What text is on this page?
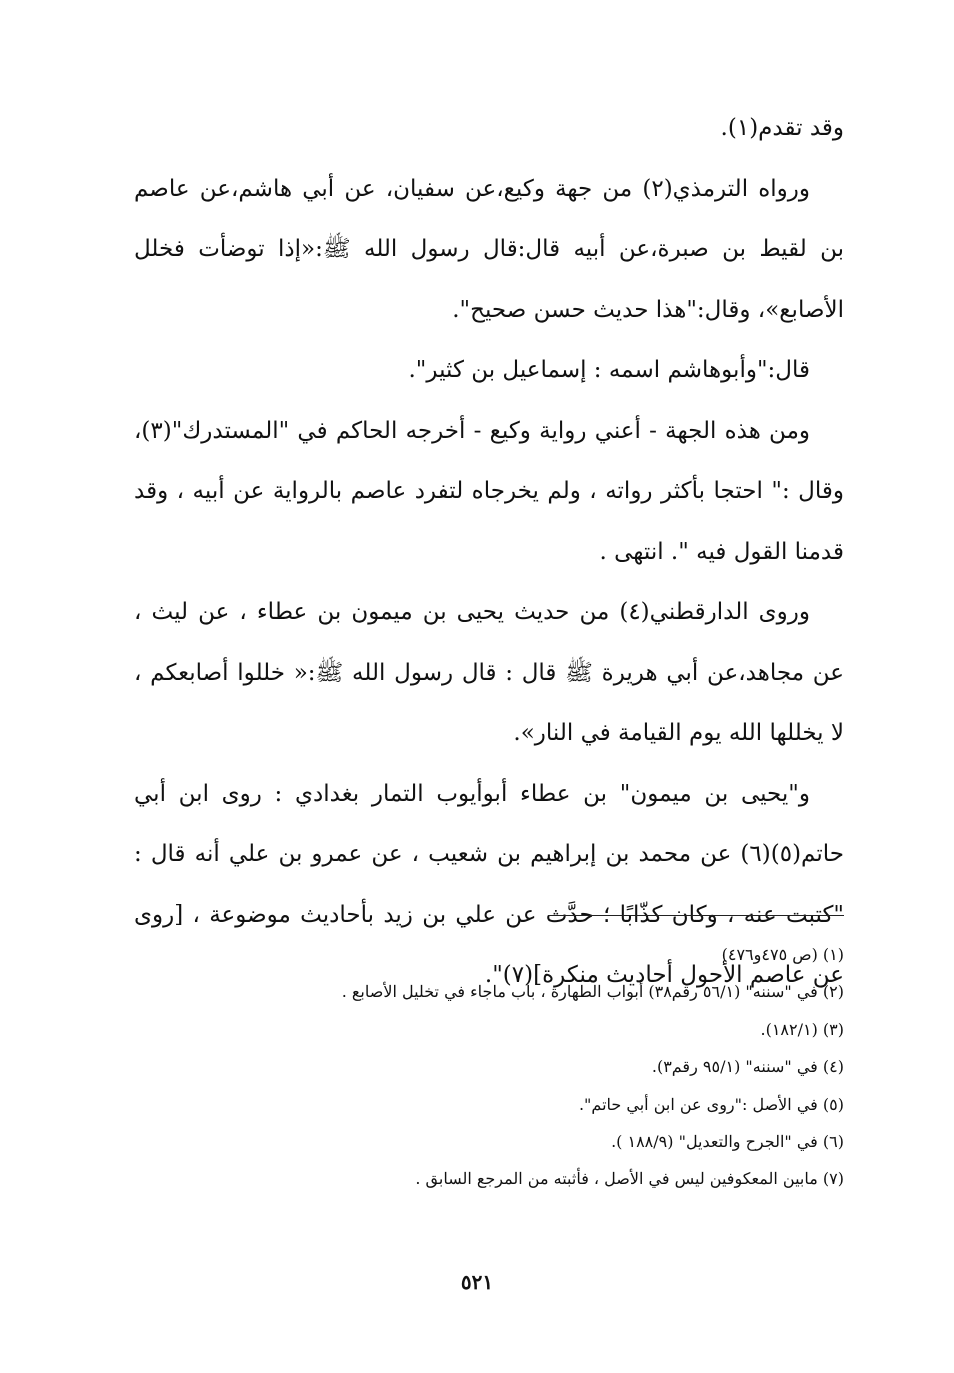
وقد تقدم(١).

ورواه الترمذي(٢) من جهة وكيع،عن سفيان، عن أبي هاشم،عن عاصم بن لقيط بن صبرة،عن أبيه قال:قال رسول الله ﷺ:«إذا توضأت فخلل الأصابع»، وقال:"هذا حديث حسن صحيح".

قال:"وأبوهاشم اسمه : إسماعيل بن كثير".

ومن هذه الجهة - أعني رواية وكيع - أخرجه الحاكم في "المستدرك"(٣)، وقال :" احتجا بأكثر رواته ، ولم يخرجاه لتفرد عاصم بالرواية عن أبيه ، وقد قدمنا القول فيه ". انتهى .

وروى الدارقطني(٤) من حديث يحيى بن ميمون بن عطاء ، عن ليث ، عن مجاهد،عن أبي هريرة ﷺ قال : قال رسول الله ﷺ:« خللوا أصابعكم ، لا يخللها الله يوم القيامة في النار».

و"يحيى بن ميمون" بن عطاء أبوأيوب التمار بغدادي : روى ابن أبي حاتم(٥)(٦) عن محمد بن إبراهيم بن شعيب ، عن عمرو بن علي أنه قال : "كتبت عنه ، وكان كذّابًا ؛ حدَّث عن علي بن زيد بأحاديث موضوعة ، [روى عن عاصم الأحول أحاديث منكرة](٧)".

(١) (ص ٤٧٥و٤٧٦)
(٢) في "سننه" (٥٦/١ رقم٣٨) أبواب الطهارة ، باب ماجاء في تخليل الأصابع .
(٣) (١٨٢/١).
(٤) في "سننه" (٩٥/١ رقم٣).
(٥) في الأصل :"روى عن ابن أبي حاتم".
(٦) في "الجرح والتعديل" (١٨٨/٩ ).
(٧) مابين المعكوفين ليس في الأصل ، فأثبته من المرجع السابق .
٥٢١
